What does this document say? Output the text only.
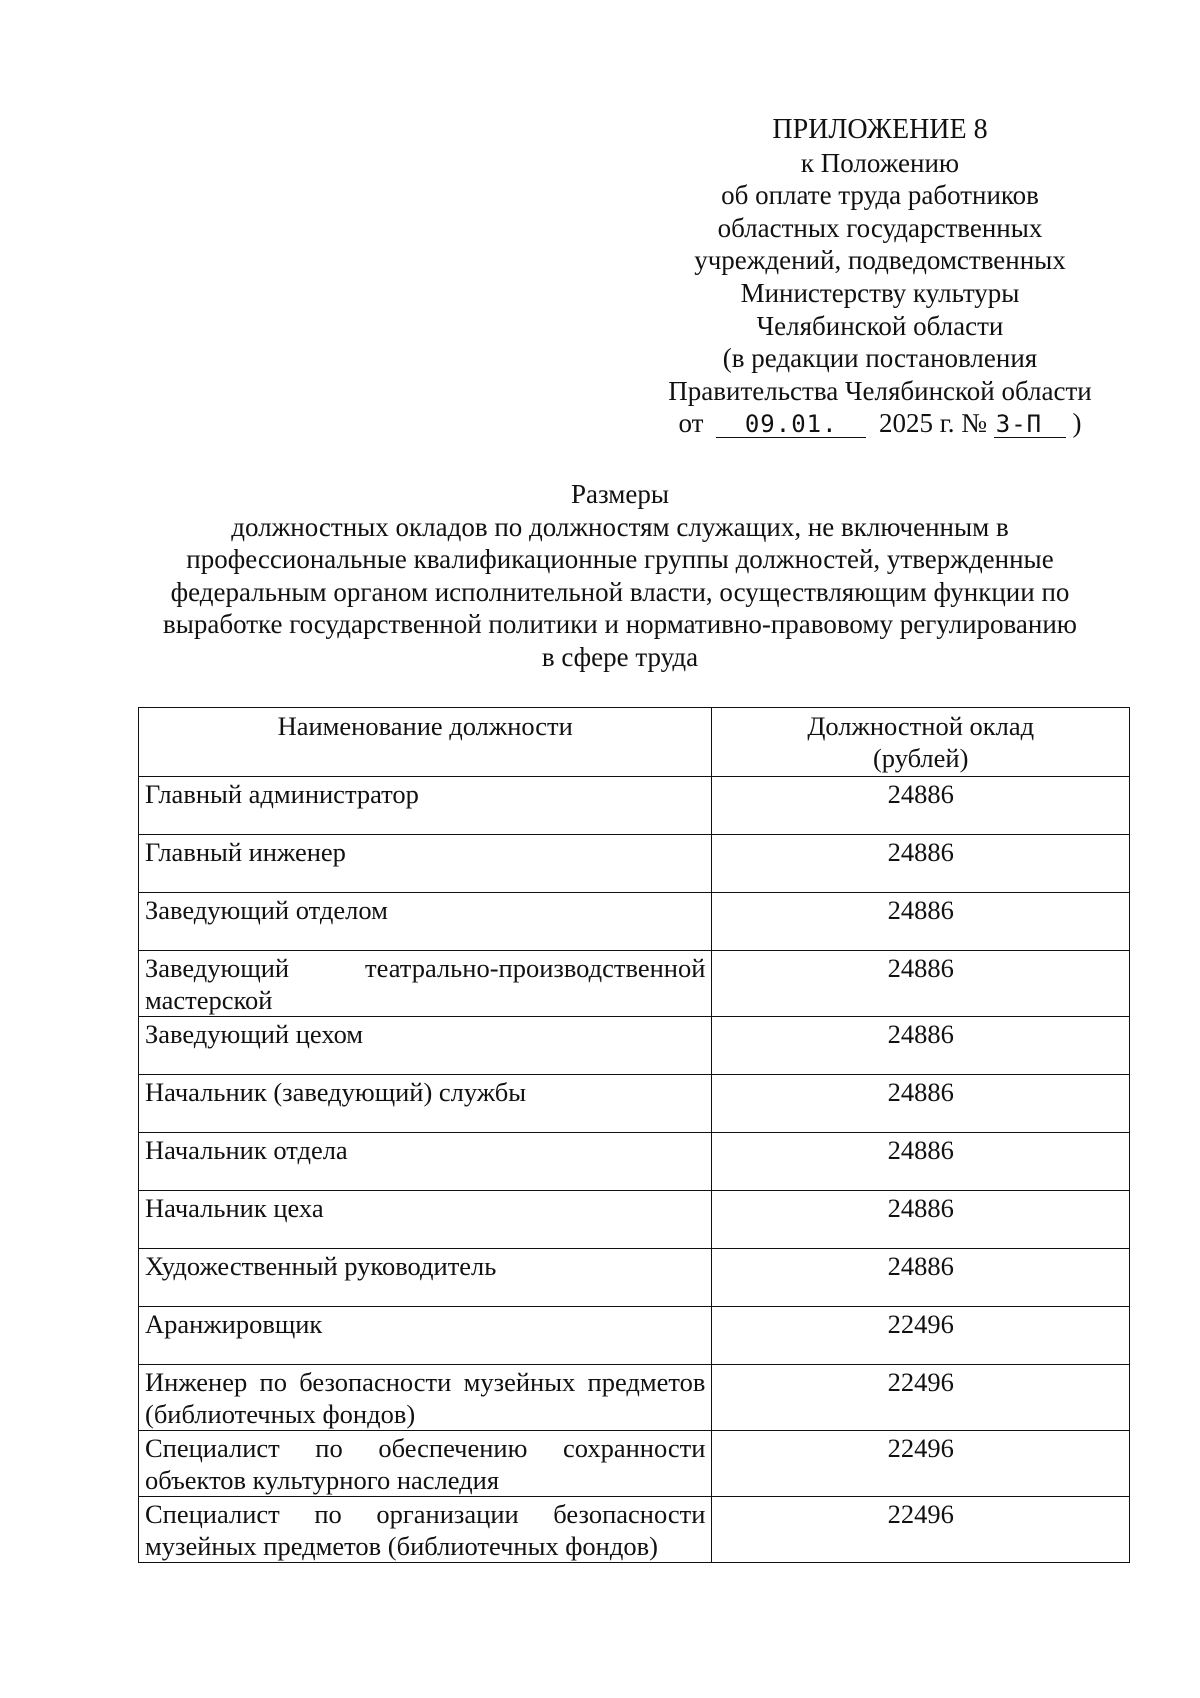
ПРИЛОЖЕНИЕ 8
к Положению
об оплате труда работников
областных государственных
учреждений, подведомственных
Министерству культуры
Челябинской области
(в редакции постановления
Правительства Челябинской области
от 09.01. 2025 г. № 3-П )
Размеры
должностных окладов по должностям служащих, не включенным в
профессиональные квалификационные группы должностей, утвержденные
федеральным органом исполнительной власти, осуществляющим функции по
выработке государственной политики и нормативно-правовому регулированию
в сфере труда
Наименование должности	Должностной оклад
(рублей)

Главный администратор	24886
Главный инженер	24886
Заведующий отделом	24886
Заведующий театрально-производственной мастерской	24886
Заведующий цехом	24886
Начальник (заведующий) службы	24886
Начальник отдела	24886
Начальник цеха	24886
Художественный руководитель	24886
Аранжировщик	22496
Инженер по безопасности музейных предметов (библиотечных фондов)	22496
Специалист по обеспечению сохранности объектов культурного наследия	22496
Специалист по организации безопасности музейных предметов (библиотечных фондов)	22496
